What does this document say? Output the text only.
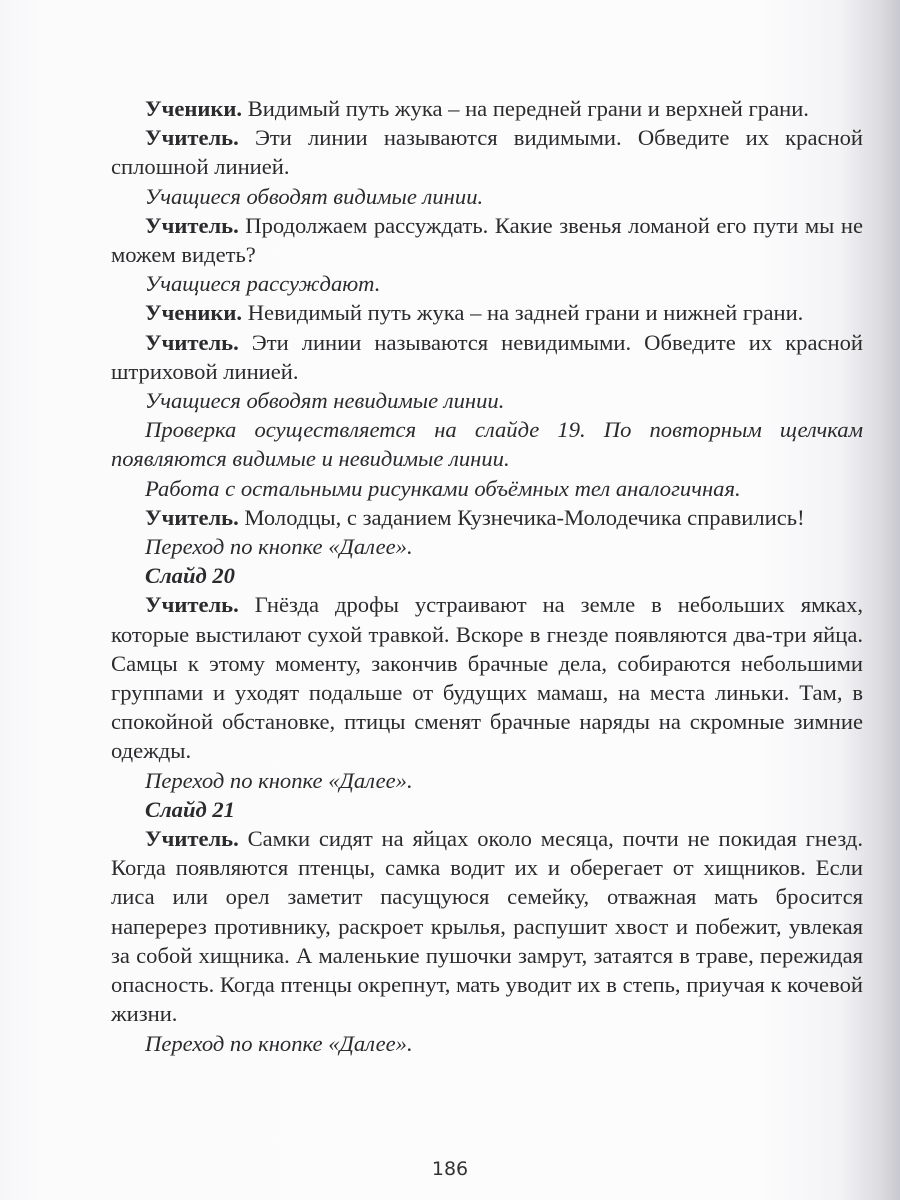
Ученики. Видимый путь жука – на передней грани и верхней грани.

Учитель. Эти линии называются видимыми. Обведите их красной сплошной линией.

Учащиеся обводят видимые линии.

Учитель. Продолжаем рассуждать. Какие звенья ломаной его пути мы не можем видеть?

Учащиеся рассуждают.

Ученики. Невидимый путь жука – на задней грани и нижней грани.

Учитель. Эти линии называются невидимыми. Обведите их красной штриховой линией.

Учащиеся обводят невидимые линии.

Проверка осуществляется на слайде 19. По повторным щелчкам появляются видимые и невидимые линии.

Работа с остальными рисунками объёмных тел аналогичная.

Учитель. Молодцы, с заданием Кузнечика-Молодечика справились!

Переход по кнопке «Далее».

Слайд 20

Учитель. Гнёзда дрофы устраивают на земле в небольших ямках, которые выстилают сухой травкой. Вскоре в гнезде появляются два-три яйца. Самцы к этому моменту, закончив брачные дела, собираются небольшими группами и уходят подальше от будущих мамаш, на места линьки. Там, в спокойной обстановке, птицы сменят брачные наряды на скромные зимние одежды.

Переход по кнопке «Далее».

Слайд 21

Учитель. Самки сидят на яйцах около месяца, почти не покидая гнезд. Когда появляются птенцы, самка водит их и оберегает от хищников. Если лиса или орел заметит пасущуюся семейку, отважная мать бросится наперерез противнику, раскроет крылья, распушит хвост и побежит, увлекая за собой хищника. А маленькие пушочки замрут, затаятся в траве, пережидая опасность. Когда птенцы окрепнут, мать уводит их в степь, приучая к кочевой жизни.

Переход по кнопке «Далее».

186
